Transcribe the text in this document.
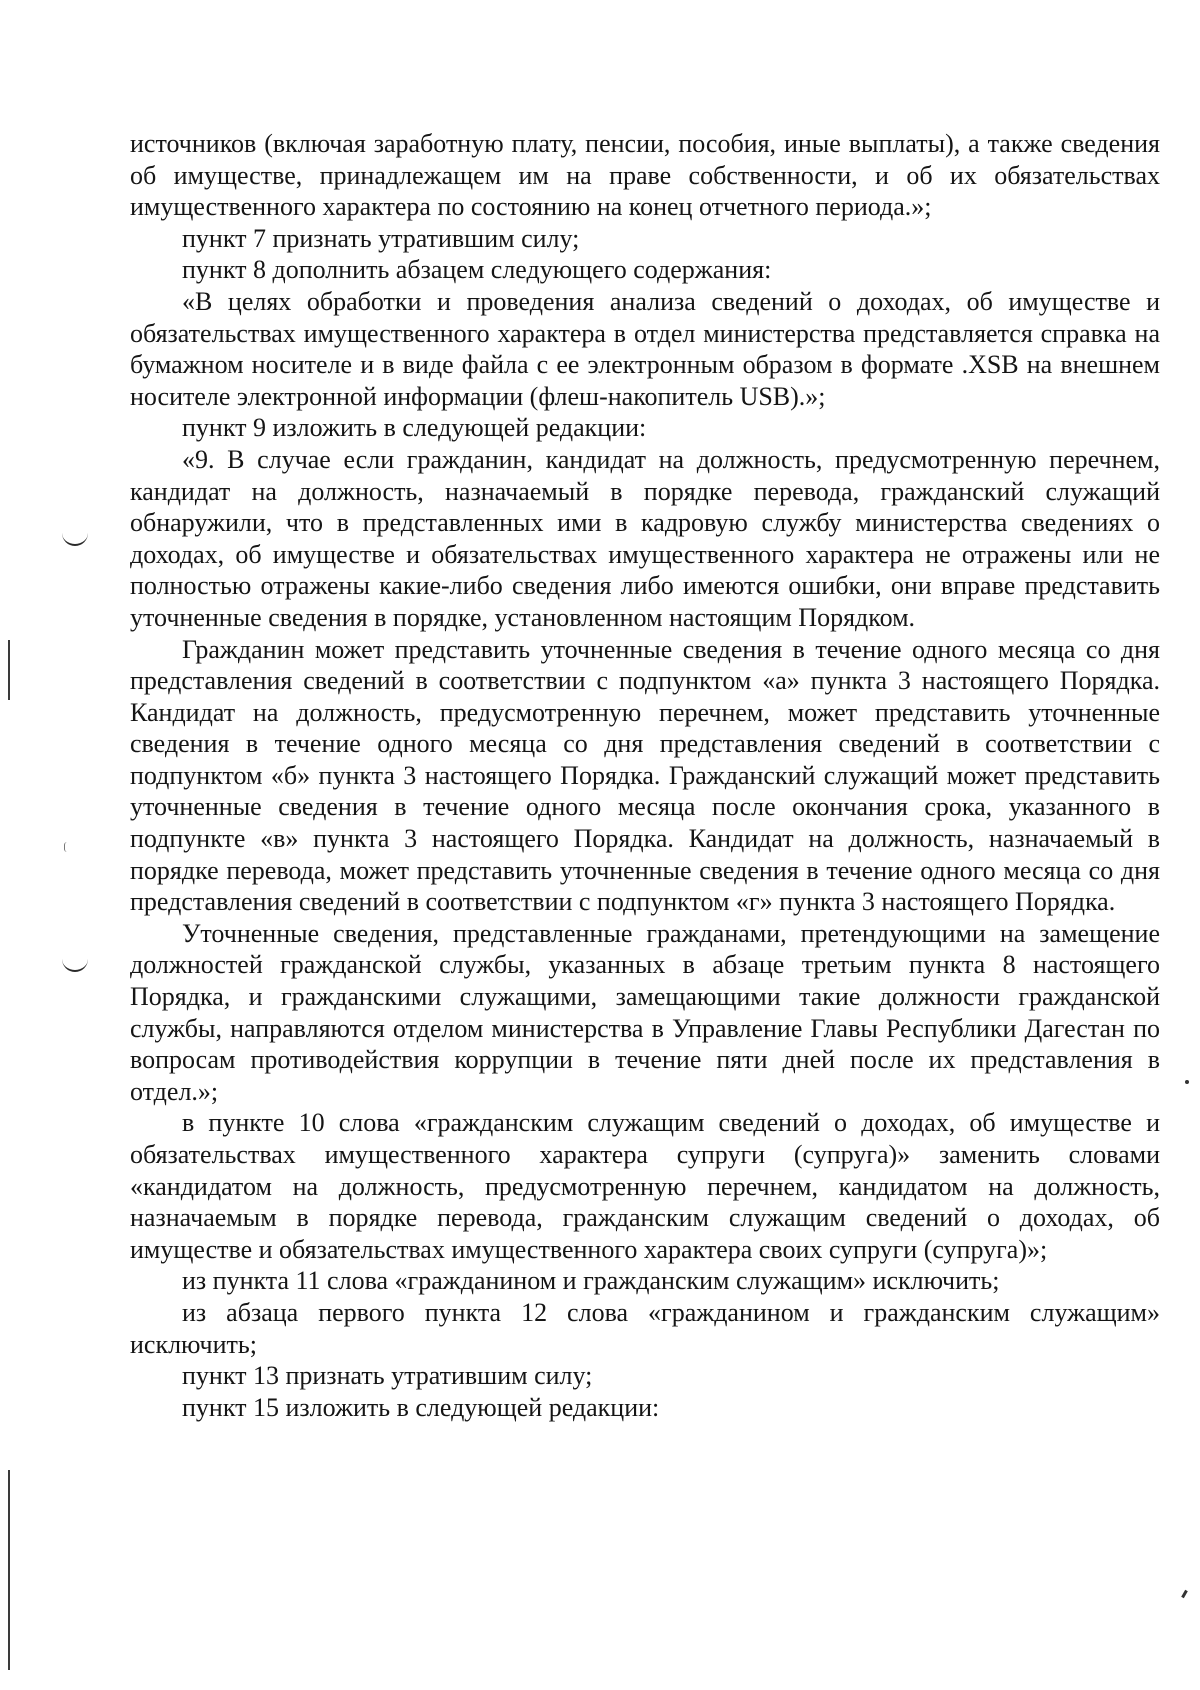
источников (включая заработную плату, пенсии, пособия, иные выплаты), а также сведения об имуществе, принадлежащем им на праве собственности, и об их обязательствах имущественного характера по состоянию на конец отчетного периода.»;

пункт 7 признать утратившим силу;

пункт 8 дополнить абзацем следующего содержания:

«В целях обработки и проведения анализа сведений о доходах, об имуществе и обязательствах имущественного характера в отдел министерства представляется справка на бумажном носителе и в виде файла с ее электронным образом в формате .XSB на внешнем носителе электронной информации (флеш-накопитель USB).»;

пункт 9 изложить в следующей редакции:

«9. В случае если гражданин, кандидат на должность, предусмотренную перечнем, кандидат на должность, назначаемый в порядке перевода, гражданский служащий обнаружили, что в представленных ими в кадровую службу министерства сведениях о доходах, об имуществе и обязательствах имущественного характера не отражены или не полностью отражены какие-либо сведения либо имеются ошибки, они вправе представить уточненные сведения в порядке, установленном настоящим Порядком.

Гражданин может представить уточненные сведения в течение одного месяца со дня представления сведений в соответствии с подпунктом «а» пункта 3 настоящего Порядка. Кандидат на должность, предусмотренную перечнем, может представить уточненные сведения в течение одного месяца со дня представления сведений в соответствии с подпунктом «б» пункта 3 настоящего Порядка. Гражданский служащий может представить уточненные сведения в течение одного месяца после окончания срока, указанного в подпункте «в» пункта 3 настоящего Порядка. Кандидат на должность, назначаемый в порядке перевода, может представить уточненные сведения в течение одного месяца со дня представления сведений в соответствии с подпунктом «г» пункта 3 настоящего Порядка.

Уточненные сведения, представленные гражданами, претендующими на замещение должностей гражданской службы, указанных в абзаце третьим пункта 8 настоящего Порядка, и гражданскими служащими, замещающими такие должности гражданской службы, направляются отделом министерства в Управление Главы Республики Дагестан по вопросам противодействия коррупции в течение пяти дней после их представления в отдел.»;

в пункте 10 слова «гражданским служащим сведений о доходах, об имуществе и обязательствах имущественного характера супруги (супруга)» заменить словами «кандидатом на должность, предусмотренную перечнем, кандидатом на должность, назначаемым в порядке перевода, гражданским служащим сведений о доходах, об имуществе и обязательствах имущественного характера своих супруги (супруга)»;

из пункта 11 слова «гражданином и гражданским служащим» исключить;

из абзаца первого пункта 12 слова «гражданином и гражданским служащим» исключить;

пункт 13 признать утратившим силу;

пункт 15 изложить в следующей редакции:
